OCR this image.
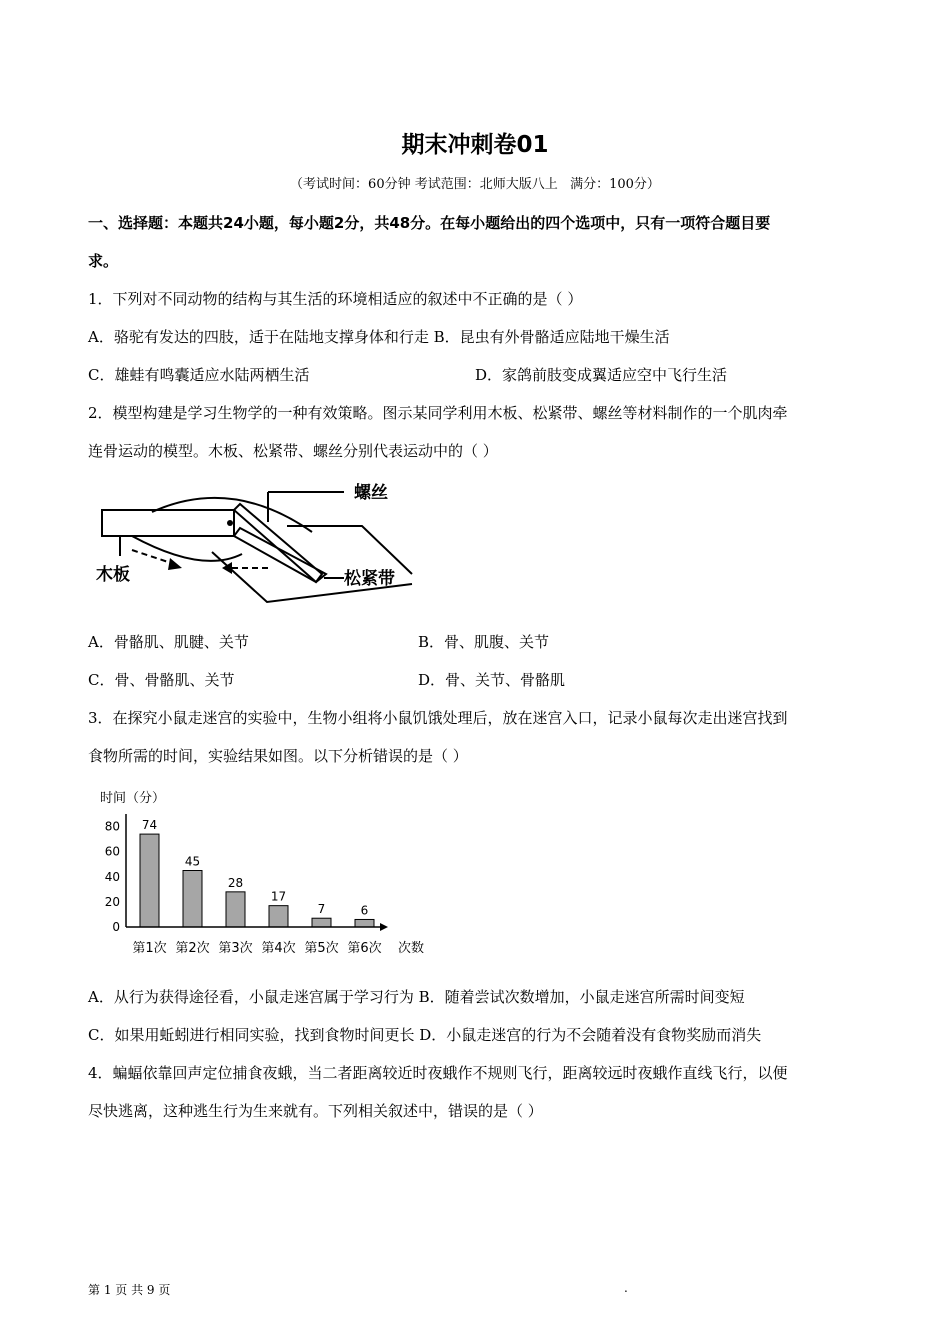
期末冲刺卷01
（考试时间：60分钟 考试范围：北师大版八上   满分：100分）
一、选择题：本题共24小题，每小题2分，共48分。在每小题给出的四个选项中，只有一项符合题目要
求。
1．下列对不同动物的结构与其生活的环境相适应的叙述中不正确的是（ ）
A．骆驼有发达的四肢，适于在陆地支撑身体和行走 B．昆虫有外骨骼适应陆地干燥生活
C．雄蛙有鸣囊适应水陆两栖生活	D．家鸽前肢变成翼适应空中飞行生活
2．模型构建是学习生物学的一种有效策略。图示某同学利用木板、松紧带、螺丝等材料制作的一个肌肉牵
连骨运动的模型。木板、松紧带、螺丝分别代表运动中的（ ）
螺丝
木板	松紧带
A．骨骼肌、肌腱、关节	B．骨、肌腹、关节
C．骨、骨骼肌、关节	D．骨、关节、骨骼肌
3．在探究小鼠走迷宫的实验中，生物小组将小鼠饥饿处理后，放在迷宫入口，记录小鼠每次走出迷宫找到
食物所需的时间，实验结果如图。以下分析错误的是（ ）
时间（分）
0
20
40
60
80 74
45
28
17
7	6
第1次 第2次 第3次 第4次 第5次 第6次 次数
A．从行为获得途径看，小鼠走迷宫属于学习行为 B．随着尝试次数增加，小鼠走迷宫所需时间变短
C．如果用蚯蚓进行相同实验，找到食物时间更长 D．小鼠走迷宫的行为不会随着没有食物奖励而消失
4．蝙蝠依靠回声定位捕食夜蛾，当二者距离较近时夜蛾作不规则飞行，距离较远时夜蛾作直线飞行，以便
尽快逃离，这种逃生行为生来就有。下列相关叙述中，错误的是（ ）
第 1 页 共 9 页	.
